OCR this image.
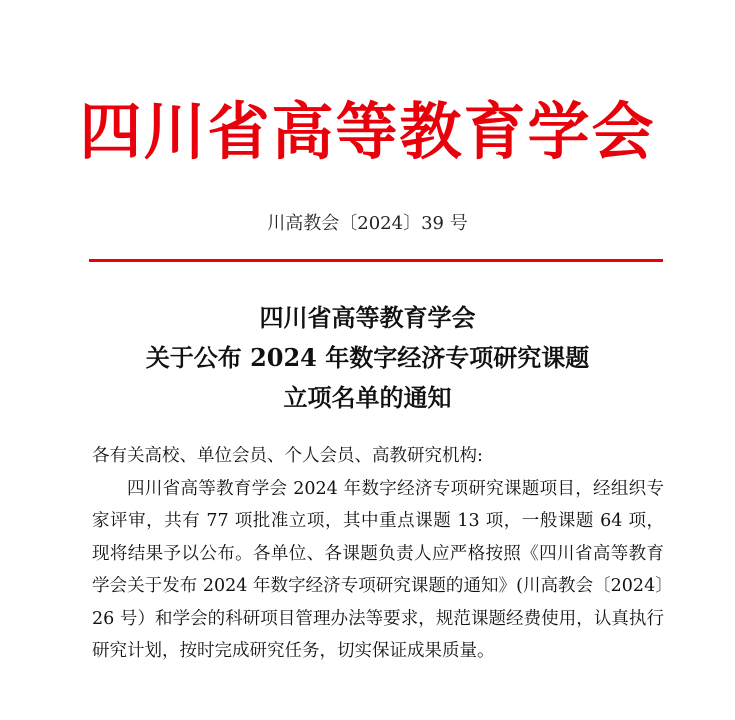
四川省高等教育学会
川高教会〔2024〕39 号
四川省高等教育学会
关于公布 2024 年数字经济专项研究课题
立项名单的通知

各有关高校、单位会员、个人会员、高教研究机构:

四川省高等教育学会 2024 年数字经济专项研究课题项目，经组织专家评审，共有 77 项批准立项，其中重点课题 13 项，一般课题 64 项，现将结果予以公布。各单位、各课题负责人应严格按照《四川省高等教育学会关于发布 2024 年数字经济专项研究课题的通知》(川高教会〔2024〕26 号）和学会的科研项目管理办法等要求，规范课题经费使用，认真执行研究计划，按时完成研究任务，切实保证成果质量。
